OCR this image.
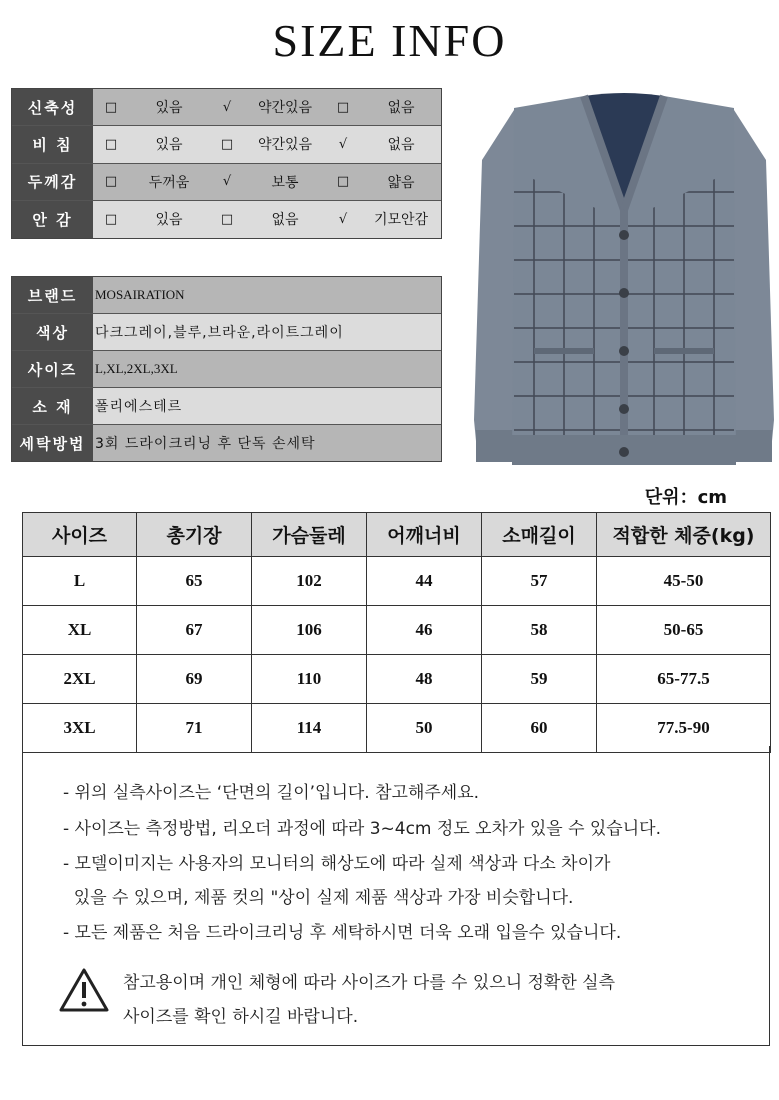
SIZE INFO
신축성	□	있음	√	약간있음	□	없음
비 침	□	있음	□	약간있음	√	없음
두께감	□	두꺼움	√	보통	□	얇음
안 감	□	있음	□	없음	√	기모안감
브랜드	MOSAIRATION
색상	다크그레이,블루,브라운,라이트그레이
사이즈	L,XL,2XL,3XL
소 재	폴리에스테르
세탁방법 3회 드라이크리닝 후 단독 손세탁
단위：cm
사이즈	총기장	가슴둘레	어깨너비	소매길이	적합한 체중(kg)
L	65	102	44	57	45-50
XL	67	106	46	58	50-65
2XL	69	110	48	59	65-77.5
3XL	71	114	50	60	77.5-90
- 위의 실측사이즈는 ‘단면의 길이’입니다. 참고해주세요.
- 사이즈는 측정방법, 리오더 과정에 따라 3~4cm 정도 오차가 있을 수 있습니다.
- 모델이미지는 사용자의 모니터의 해상도에 따라 실제 색상과 다소 차이가
있을 수 있으며, 제품 컷의 "상이 실제 제품 색상과 가장 비슷합니다.
- 모든 제품은 처음 드라이크리닝 후 세탁하시면 더욱 오래 입을수 있습니다.
참고용이며 개인 체형에 따라 사이즈가 다를 수 있으니 정확한 실측
사이즈를 확인 하시길 바랍니다.
